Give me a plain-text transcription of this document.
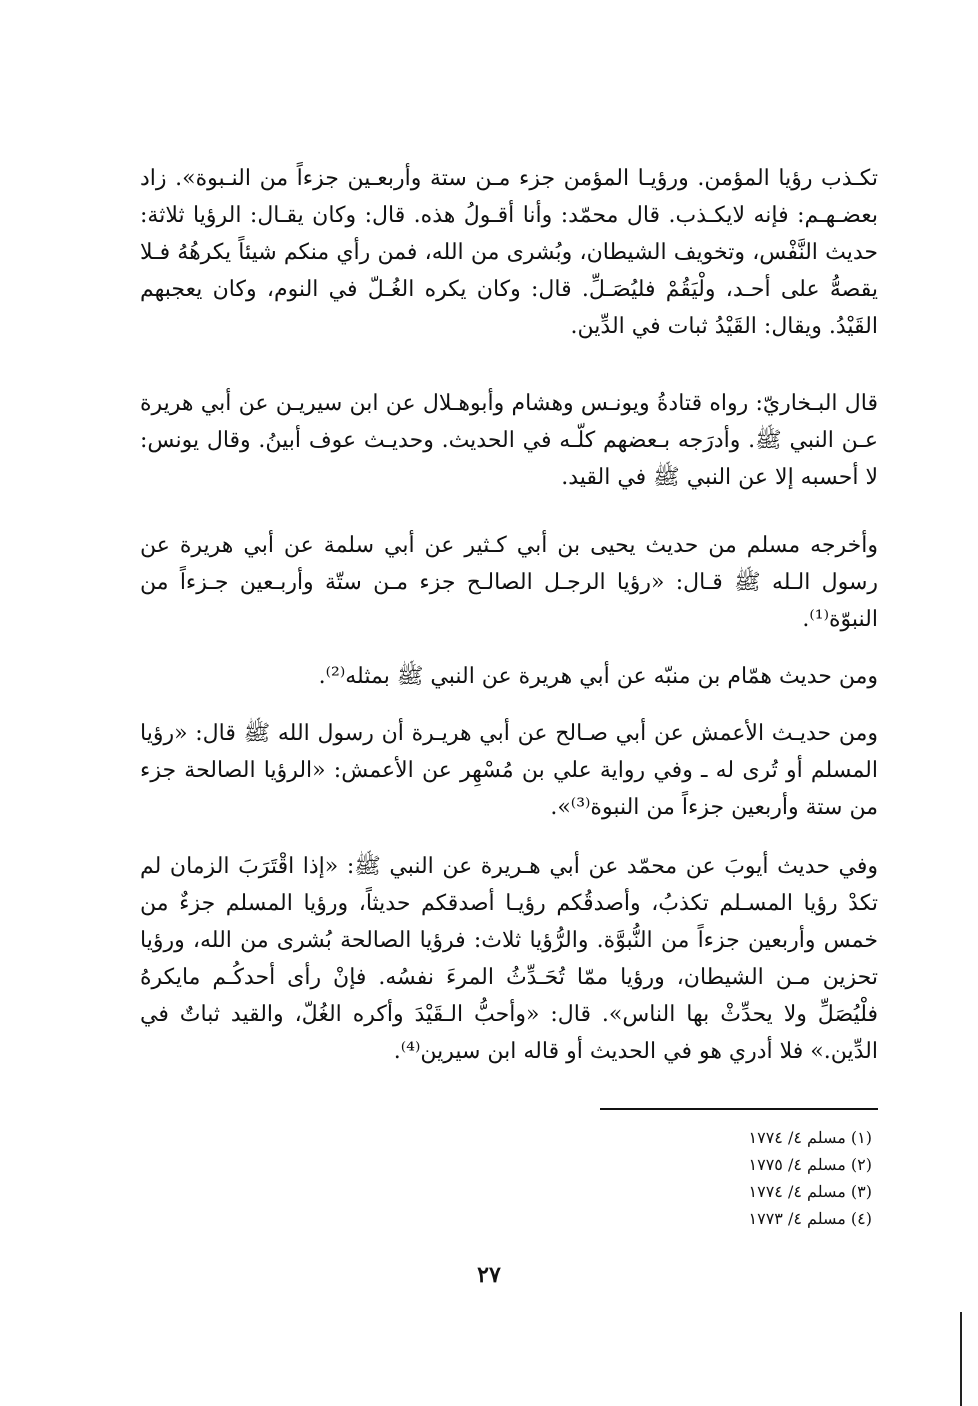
تكـذب رؤيا المؤمن. ورؤيـا المؤمن جزء مـن ستة وأربعـين جزءاً من النـبوة». زاد بعضـهـم: فإنه لايكـذب. قال محمّد: وأنا أقـولُ هذه. قال: وكان يقـال: الرؤيا ثلاثة: حديث النَّفْس، وتخويف الشيطان، وبُشرى من الله، فمن رأي منكم شيئاً يكرهُهُ فـلا يقصهُّ على أحـد، ولْيَقُمْ فليُصَـلِّ. قال: وكان يكره الغُـلّ في النوم، وكان يعجبهم القَيْدُ. ويقال: القَيْدُ ثبات في الدِّين.

قال البـخاريّ: رواه قتادةُ ويونـس وهشام وأبوهـلال عن ابن سيريـن عن أبي هريرة عـن النبي ﷺ. وأدرَجه بـعضهم كلّـه في الحديث. وحديـث عوف أبينُ. وقال يونس: لا أحسبه إلا عن النبي ﷺ في القيد.

وأخرجه مسلم من حديث يحيى بن أبي كـثير عن أبي سلمة عن أبي هريرة عن رسول الـله ﷺ قـال: «رؤيا الرجـل الصالـح جزء مـن ستّة وأربـعين جـزءاً من النبوّة⁽¹⁾.

ومن حديث همّام بن منبّه عن أبي هريرة عن النبي ﷺ بمثله⁽²⁾.

ومن حديـث الأعمش عن أبي صـالح عن أبي هريـرة أن رسول الله ﷺ قال: «رؤيا المسلم أو تُرى له ـ وفي رواية علي بن مُسْهِر عن الأعمش: «الرؤيا الصالحة جزء من ستة وأربعين جزءاً من النبوة⁽³⁾».

وفي حديث أيوبَ عن محمّد عن أبي هـريرة عن النبي ﷺ: «إذا اقْتَرَبَ الزمان لم تكدْ رؤيا المسـلم تكذبُ، وأصدقُكم رؤيـا أصدقكم حديثاً، ورؤيا المسلم جزءٌ من خمس وأربعين جزءاً من النُّبوَّة. والرُّؤيا ثلاث: فرؤيا الصالحة بُشرى من الله، ورؤيا تحزين مـن الشيطان، ورؤيا ممّا تُحَـدِّثُ المرءَ نفسُه. فإنْ رأى أحدكُـم مايكرهُ فلْيُصَلِّ ولا يحدِّثْ بها الناس». قال: «وأحبُّ الـقَيْدَ وأكره الغُلّ، والقيد ثباتٌ في الدِّين.» فلا أدري هو في الحديث أو قاله ابن سيرين⁽⁴⁾.

(١) مسلم ٤/ ١٧٧٤
(٢) مسلم ٤/ ١٧٧٥
(٣) مسلم ٤/ ١٧٧٤
(٤) مسلم ٤/ ١٧٧٣
٢٧
